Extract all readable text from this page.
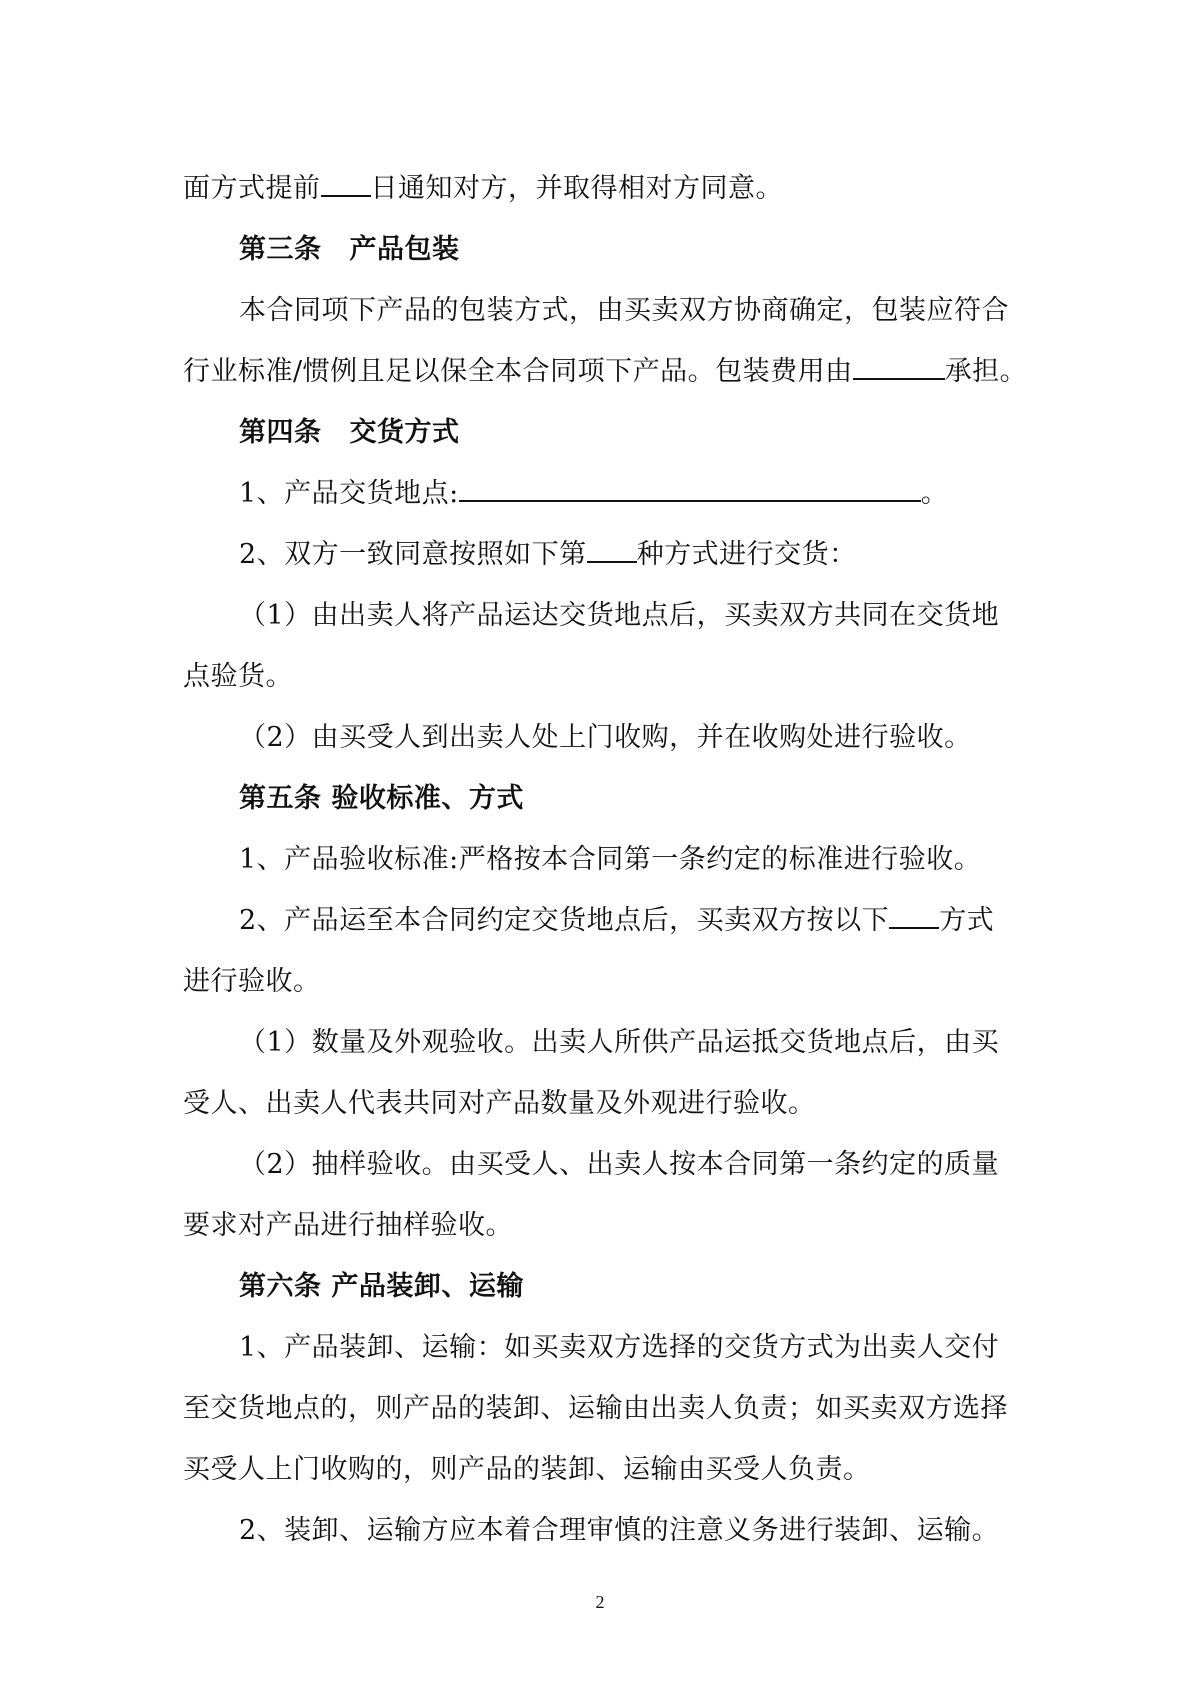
面方式提前 日通知对方，并取得相对方同意。
第三条 产品包装
本合同项下产品的包装方式，由买卖双方协商确定，包装应符合
行业标准/惯例且足以保全本合同项下产品。包装费用由	承担。
第四条 交货方式
1、产品交货地点:	。
2、双方一致同意按照如下第 种方式进行交货：
（1）由出卖人将产品运达交货地点后，买卖双方共同在交货地
点验货。
（2）由买受人到出卖人处上门收购，并在收购处进行验收。
第五条 验收标准、方式
1、产品验收标准:严格按本合同第一条约定的标准进行验收。
2、产品运至本合同约定交货地点后，买卖双方按以下 方式
进行验收。
（1）数量及外观验收。出卖人所供产品运抵交货地点后，由买
受人、出卖人代表共同对产品数量及外观进行验收。
（2）抽样验收。由买受人、出卖人按本合同第一条约定的质量
要求对产品进行抽样验收。
第六条 产品装卸、运输
1、产品装卸、运输：如买卖双方选择的交货方式为出卖人交付
至交货地点的，则产品的装卸、运输由出卖人负责；如买卖双方选择
买受人上门收购的，则产品的装卸、运输由买受人负责。
2、装卸、运输方应本着合理审慎的注意义务进行装卸、运输。
2
